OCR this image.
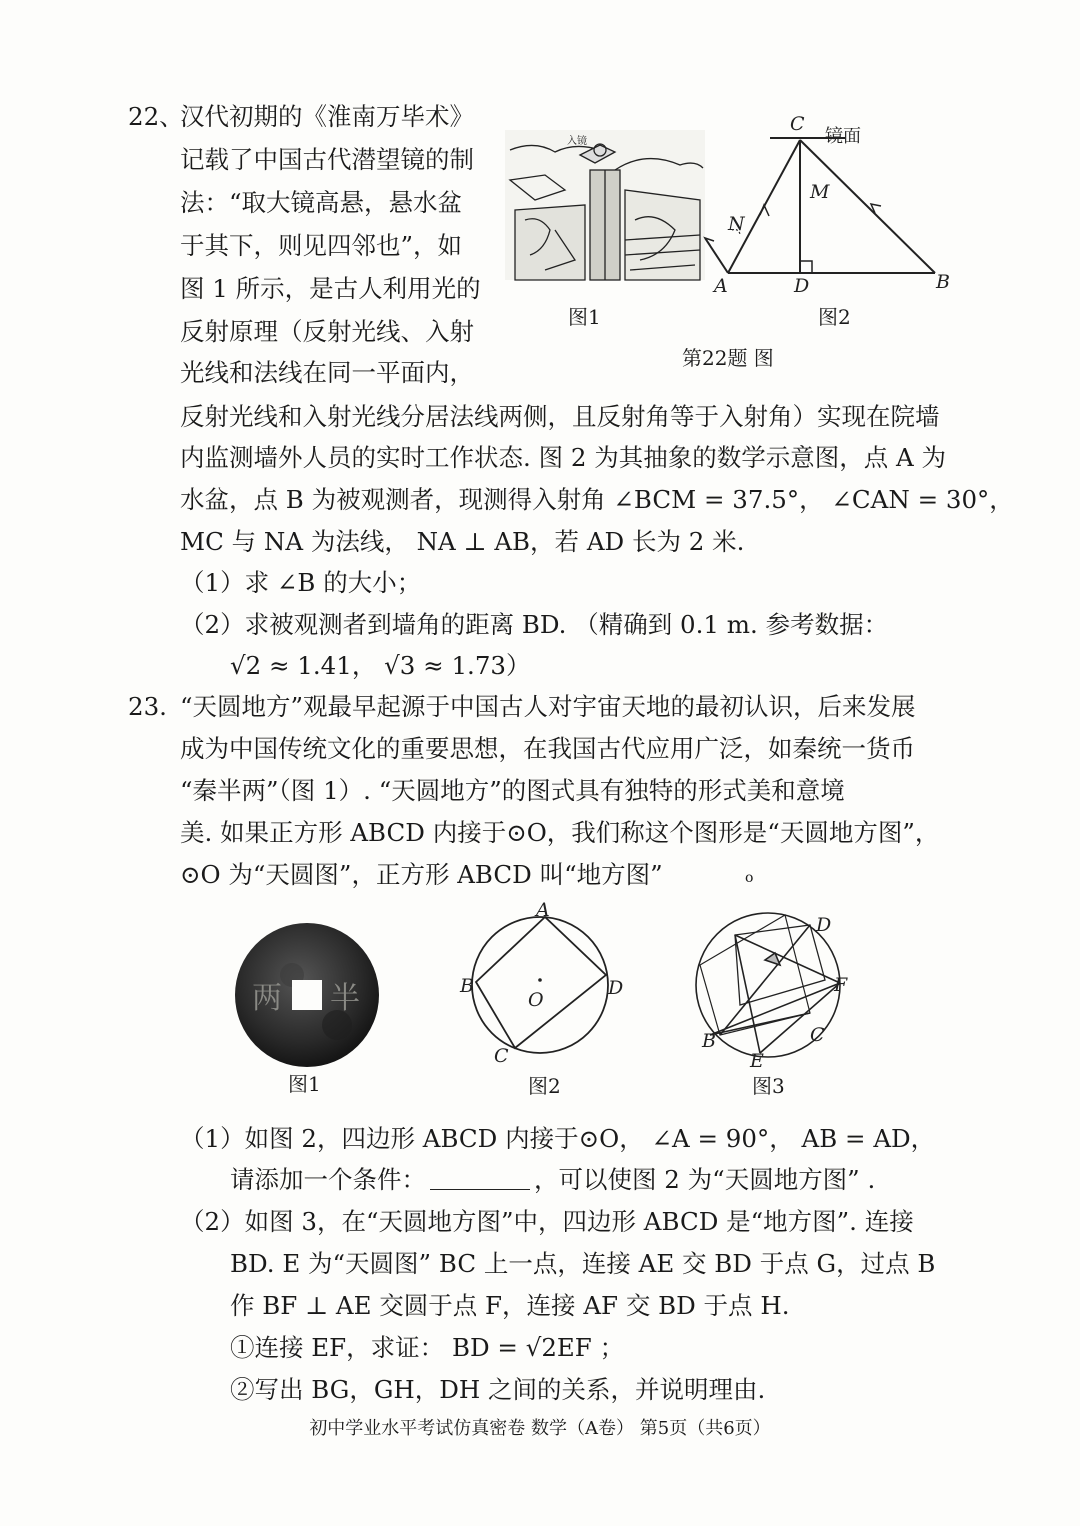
22、
汉代初期的《淮南万毕术》
记载了中国古代潜望镜的制
法：“取大镜高悬，悬水盆
于其下，则见四邻也”，如
图 1 所示，是古人利用光的
反射原理（反射光线、入射
光线和法线在同一平面内，
反射光线和入射光线分居法线两侧，且反射角等于入射角）实现在院墙
内监测墙外人员的实时工作状态. 图 2 为其抽象的数学示意图，点 A 为
水盆，点 B 为被观测者，现测得入射角 ∠BCM = 37.5°， ∠CAN = 30°，
MC 与 NA 为法线， NA ⊥ AB，若 AD 长为 2 米.
（1）求 ∠B 的大小；
（2）求被观测者到墙角的距离 BD. （精确到 0.1 m. 参考数据：
√2 ≈ 1.41， √3 ≈ 1.73）
入镜
图1
C
镜面
M
N
A	D	B
图2
第22题 图
23. “天圆地方”观最早起源于中国古人对宇宙天地的最初认识，后来发展
成为中国传统文化的重要思想，在我国古代应用广泛，如秦统一货币
“秦半两”（图 1）. “天圆地方”的图式具有独特的形式美和意境
美. 如果正方形 ABCD 内接于⊙O，我们称这个图形是“天圆地方图”，
⊙O 为“天圆图”，正方形 ABCD 叫“地方图”	o
两 半
图1
A
B
C
D
O
图2
D
F
B	C
E
图3
（1）如图 2，四边形 ABCD 内接于⊙O， ∠A = 90°， AB = AD，
请添加一个条件：	，可以使图 2 为“天圆地方图” .
（2）如图 3，在“天圆地方图”中，四边形 ABCD 是“地方图”. 连接
BD. E 为“天圆图” BC 上一点，连接 AE 交 BD 于点 G，过点 B
作 BF ⊥ AE 交圆于点 F，连接 AF 交 BD 于点 H.
①连接 EF，求证： BD = √2EF ；
②写出 BG，GH，DH 之间的关系，并说明理由.
初中学业水平考试仿真密卷 数学（A卷） 第5页（共6页）
